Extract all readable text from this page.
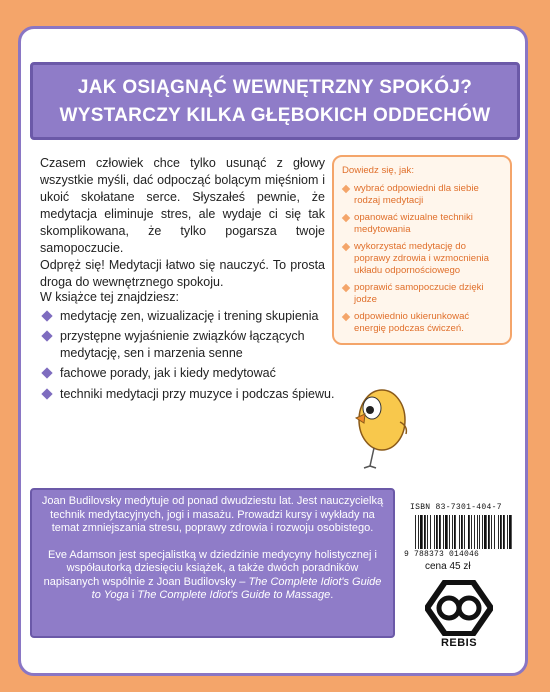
JAK OSIĄGNĄĆ WEWNĘTRZNY SPOKÓJ?
WYSTARCZY KILKA GŁĘBOKICH ODDECHÓW

Czasem człowiek chce tylko usunąć z głowy wszystkie myśli, dać odpocząć bolącym mięśniom i ukoić skołatane serce. Słyszałeś pewnie, że medytacja eliminuje stres, ale wydaje ci się tak skomplikowana, że tylko pogarsza twoje samopoczucie.

Odpręż się! Medytacji łatwo się nauczyć. To prosta droga do wewnętrznego spokoju.

W książce tej znajdziesz:
medytację zen, wizualizację i trening skupienia
przystępne wyjaśnienie związków łączących medytację, sen i marzenia senne
fachowe porady, jak i kiedy medytować
techniki medytacji przy muzyce i podczas śpiewu.
Dowiedz się, jak:
wybrać odpowiedni dla siebie rodzaj medytacji
opanować wizualne techniki medytowania
wykorzystać medytację do poprawy zdrowia i wzmocnienia układu odpornościowego
poprawić samopoczucie dzięki jodze
odpowiednio ukierunkować energię podczas ćwiczeń.

Joan Budilovsky medytuje od ponad dwudziestu lat. Jest nauczycielką technik medytacyjnych, jogi i masażu. Prowadzi kursy i wykłady na temat zmniejszania stresu, poprawy zdrowia i rozwoju osobistego.

Eve Adamson jest specjalistką w dziedzinie medycyny holistycznej i współautorką dziesięciu książek, a także dwóch poradników napisanych wspólnie z Joan Budilovsky – The Complete Idiot's Guide to Yoga i The Complete Idiot's Guide to Massage.

ISBN 83-7301-404-7
9 788373 014046
cena 45 zł
REBIS
